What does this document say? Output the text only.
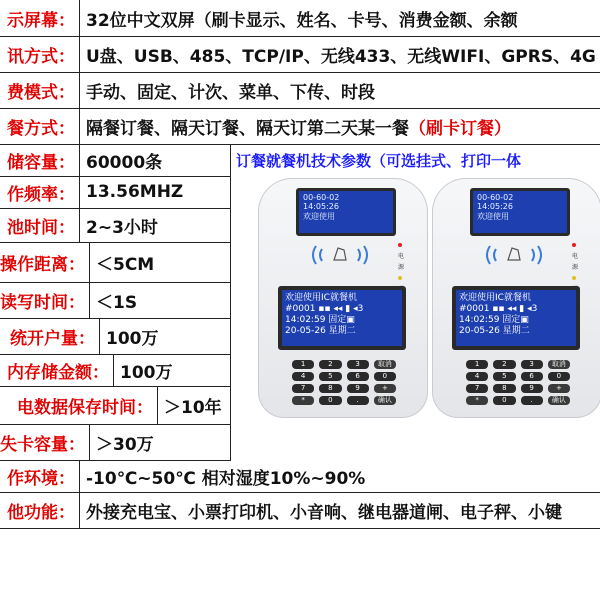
示屏幕： 32位中文双屏（刷卡显示、姓名、卡号、消费金额、余额
讯方式： U盘、USB、485、TCP/IP、无线433、无线WIFI、GPRS、4G
费模式： 手动、固定、计次、菜单、下传、时段
餐方式： 隔餐订餐、隔天订餐、隔天订第二天某一餐 （刷卡订餐）
储容量： 60000条
作频率： 13.56MHZ
池时间： 2~3小时
操作距离： ＜5CM
读写时间： ＜1S
统开户量： 100万
内存储金额： 100万
电数据保存时间： ＞10年
失卡容量： ＞30万
作环境： -10℃~50℃ 相对湿度10%~90%
他功能： 外接充电宝、小票打印机、小音响、继电器道闸、电子秤、小键
订餐就餐机技术参数（可选挂式、打印一体
00-60-02
14:05:26
欢迎使用
电源
欢迎使用IC就餐机
#0001 ▪▪ ◂◂ ▮ ◂3
14:02:59 固定▣
20-05-26 星期二
1	2	3	取消
4	5	6	0
7	8	9	+
*	0	.	确认
00-60-02
14:05:26
欢迎使用
电源
欢迎使用IC就餐机
#0001 ▪▪ ◂◂ ▮ ◂3
14:02:59 固定▣
20-05-26 星期二
1	2	3	取消
4	5	6	0
7	8	9	+
*	0	.	确认
